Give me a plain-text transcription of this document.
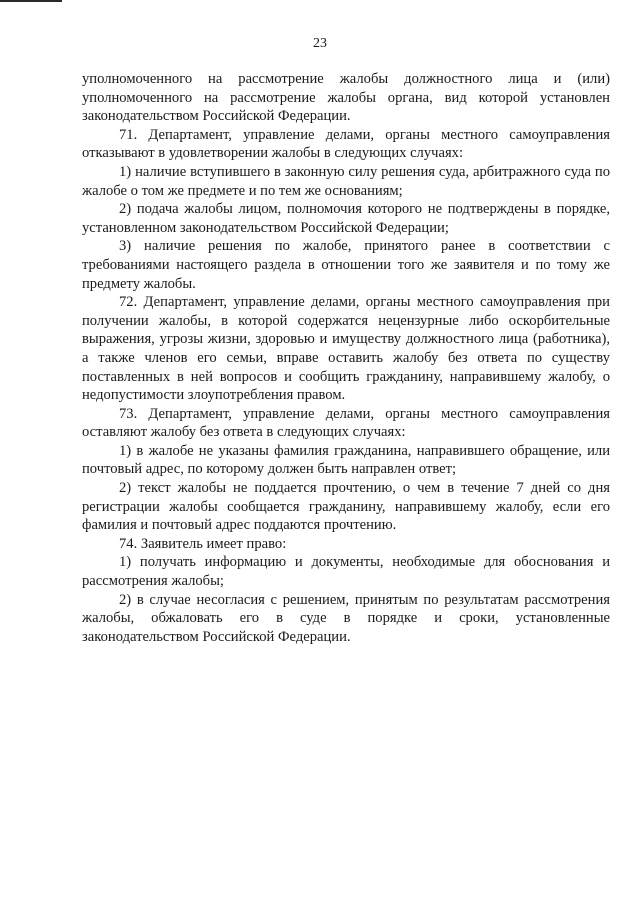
23

уполномоченного на рассмотрение жалобы должностного лица и (или) уполномоченного на рассмотрение жалобы органа, вид которой установлен законодательством Российской Федерации.

71. Департамент, управление делами, органы местного самоуправления отказывают в удовлетворении жалобы в следующих случаях:

1) наличие вступившего в законную силу решения суда, арбитражного суда по жалобе о том же предмете и по тем же основаниям;

2) подача жалобы лицом, полномочия которого не подтверждены в порядке, установленном законодательством Российской Федерации;

3) наличие решения по жалобе, принятого ранее в соответствии с требованиями настоящего раздела в отношении того же заявителя и по тому же предмету жалобы.

72. Департамент, управление делами, органы местного самоуправления при получении жалобы, в которой содержатся нецензурные либо оскорбительные выражения, угрозы жизни, здоровью и имуществу должностного лица (работника), а также членов его семьи, вправе оставить жалобу без ответа по существу поставленных в ней вопросов и сообщить гражданину, направившему жалобу, о недопустимости злоупотребления правом.

73. Департамент, управление делами, органы местного самоуправления оставляют жалобу без ответа в следующих случаях:

1) в жалобе не указаны фамилия гражданина, направившего обращение, или почтовый адрес, по которому должен быть направлен ответ;

2) текст жалобы не поддается прочтению, о чем в течение 7 дней со дня регистрации жалобы сообщается гражданину, направившему жалобу, если его фамилия и почтовый адрес поддаются прочтению.

74. Заявитель имеет право:

1) получать информацию и документы, необходимые для обоснования и рассмотрения жалобы;

2) в случае несогласия с решением, принятым по результатам рассмотрения жалобы, обжаловать его в суде в порядке и сроки, установленные законодательством Российской Федерации.
